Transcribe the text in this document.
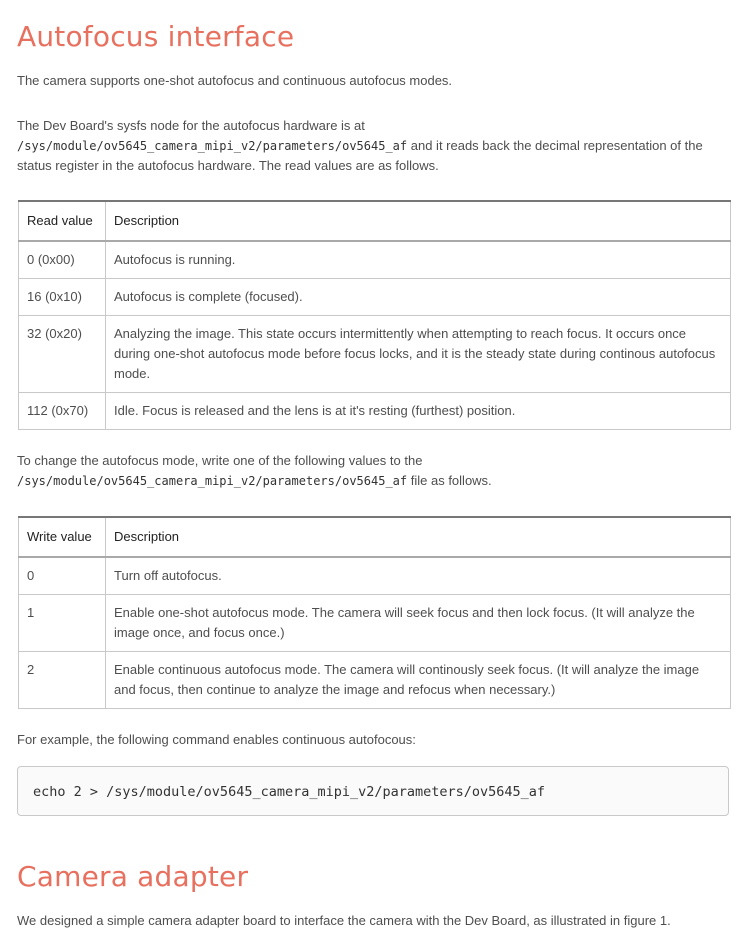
Autofocus interface

The camera supports one-shot autofocus and continuous autofocus modes.

The Dev Board's sysfs node for the autofocus hardware is at
/sys/module/ov5645_camera_mipi_v2/parameters/ov5645_af and it reads back the decimal representation of the status register in the autofocus hardware. The read values are as follows.

Read value	Description
0 (0x00)	Autofocus is running.
16 (0x10)	Autofocus is complete (focused).
32 (0x20)	Analyzing the image. This state occurs intermittently when attempting to reach focus. It occurs once during one-shot autofocus mode before focus locks, and it is the steady state during continous autofocus mode.
112 (0x70)	Idle. Focus is released and the lens is at it's resting (furthest) position.

To change the autofocus mode, write one of the following values to the
/sys/module/ov5645_camera_mipi_v2/parameters/ov5645_af file as follows.

Write value	Description
0	Turn off autofocus.
1	Enable one-shot autofocus mode. The camera will seek focus and then lock focus. (It will analyze the image once, and focus once.)
2	Enable continuous autofocus mode. The camera will continously seek focus. (It will analyze the image and focus, then continue to analyze the image and refocus when necessary.)

For example, the following command enables continuous autofocous:

echo 2 > /sys/module/ov5645_camera_mipi_v2/parameters/ov5645_af
Camera adapter

We designed a simple camera adapter board to interface the camera with the Dev Board, as illustrated in figure 1.
